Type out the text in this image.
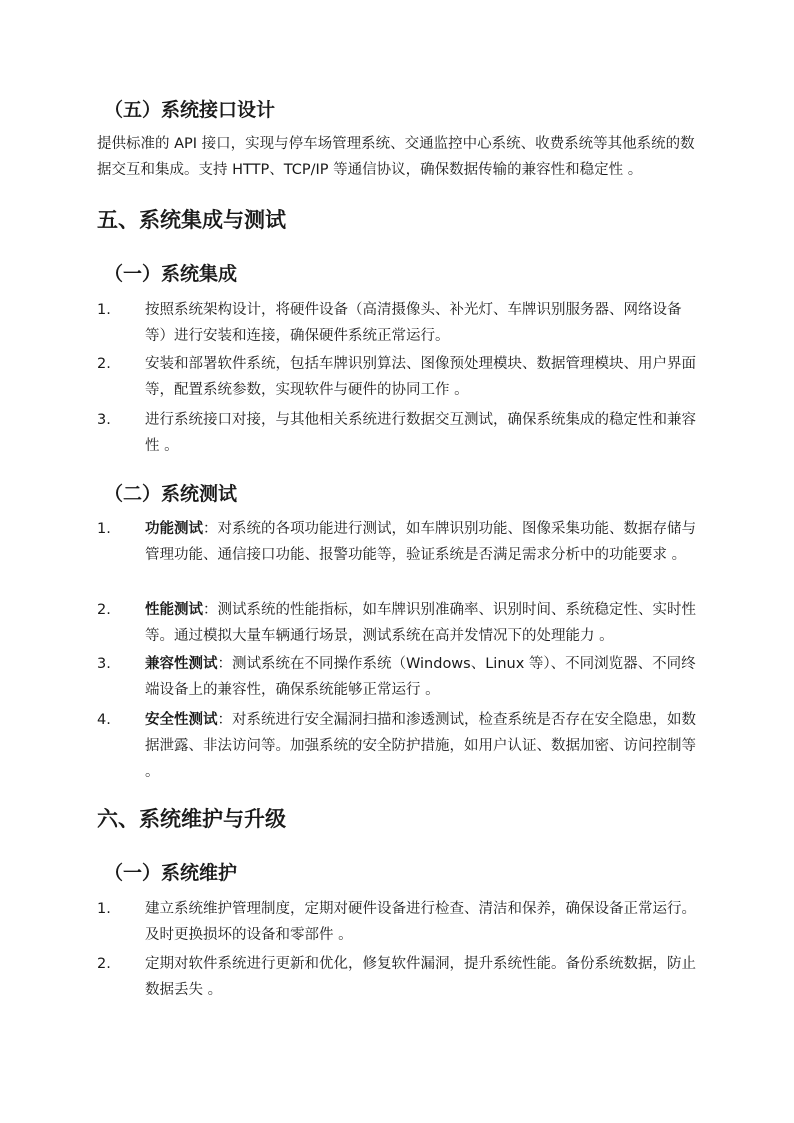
（五）系统接口设计

提供标准的 API 接口，实现与停车场管理系统、交通监控中心系统、收费系统等其他系统的数据交互和集成。支持 HTTP、TCP/IP 等通信协议，确保数据传输的兼容性和稳定性 。

五、系统集成与测试
（一）系统集成
1.	按照系统架构设计，将硬件设备（高清摄像头、补光灯、车牌识别服务器、网络设备等）进行安装和连接，确保硬件系统正常运行。
2.	安装和部署软件系统，包括车牌识别算法、图像预处理模块、数据管理模块、用户界面等，配置系统参数，实现软件与硬件的协同工作 。
3.	进行系统接口对接，与其他相关系统进行数据交互测试，确保系统集成的稳定性和兼容性 。
（二）系统测试
1.	功能测试：对系统的各项功能进行测试，如车牌识别功能、图像采集功能、数据存储与管理功能、通信接口功能、报警功能等，验证系统是否满足需求分析中的功能要求 。
2.	性能测试：测试系统的性能指标，如车牌识别准确率、识别时间、系统稳定性、实时性等。通过模拟大量车辆通行场景，测试系统在高并发情况下的处理能力 。
3.	兼容性测试：测试系统在不同操作系统（Windows、Linux 等）、不同浏览器、不同终端设备上的兼容性，确保系统能够正常运行 。
4.	安全性测试：对系统进行安全漏洞扫描和渗透测试，检查系统是否存在安全隐患，如数据泄露、非法访问等。加强系统的安全防护措施，如用户认证、数据加密、访问控制等 。
六、系统维护与升级
（一）系统维护
1.	建立系统维护管理制度，定期对硬件设备进行检查、清洁和保养，确保设备正常运行。及时更换损坏的设备和零部件 。
2.	定期对软件系统进行更新和优化，修复软件漏洞，提升系统性能。备份系统数据，防止数据丢失 。
